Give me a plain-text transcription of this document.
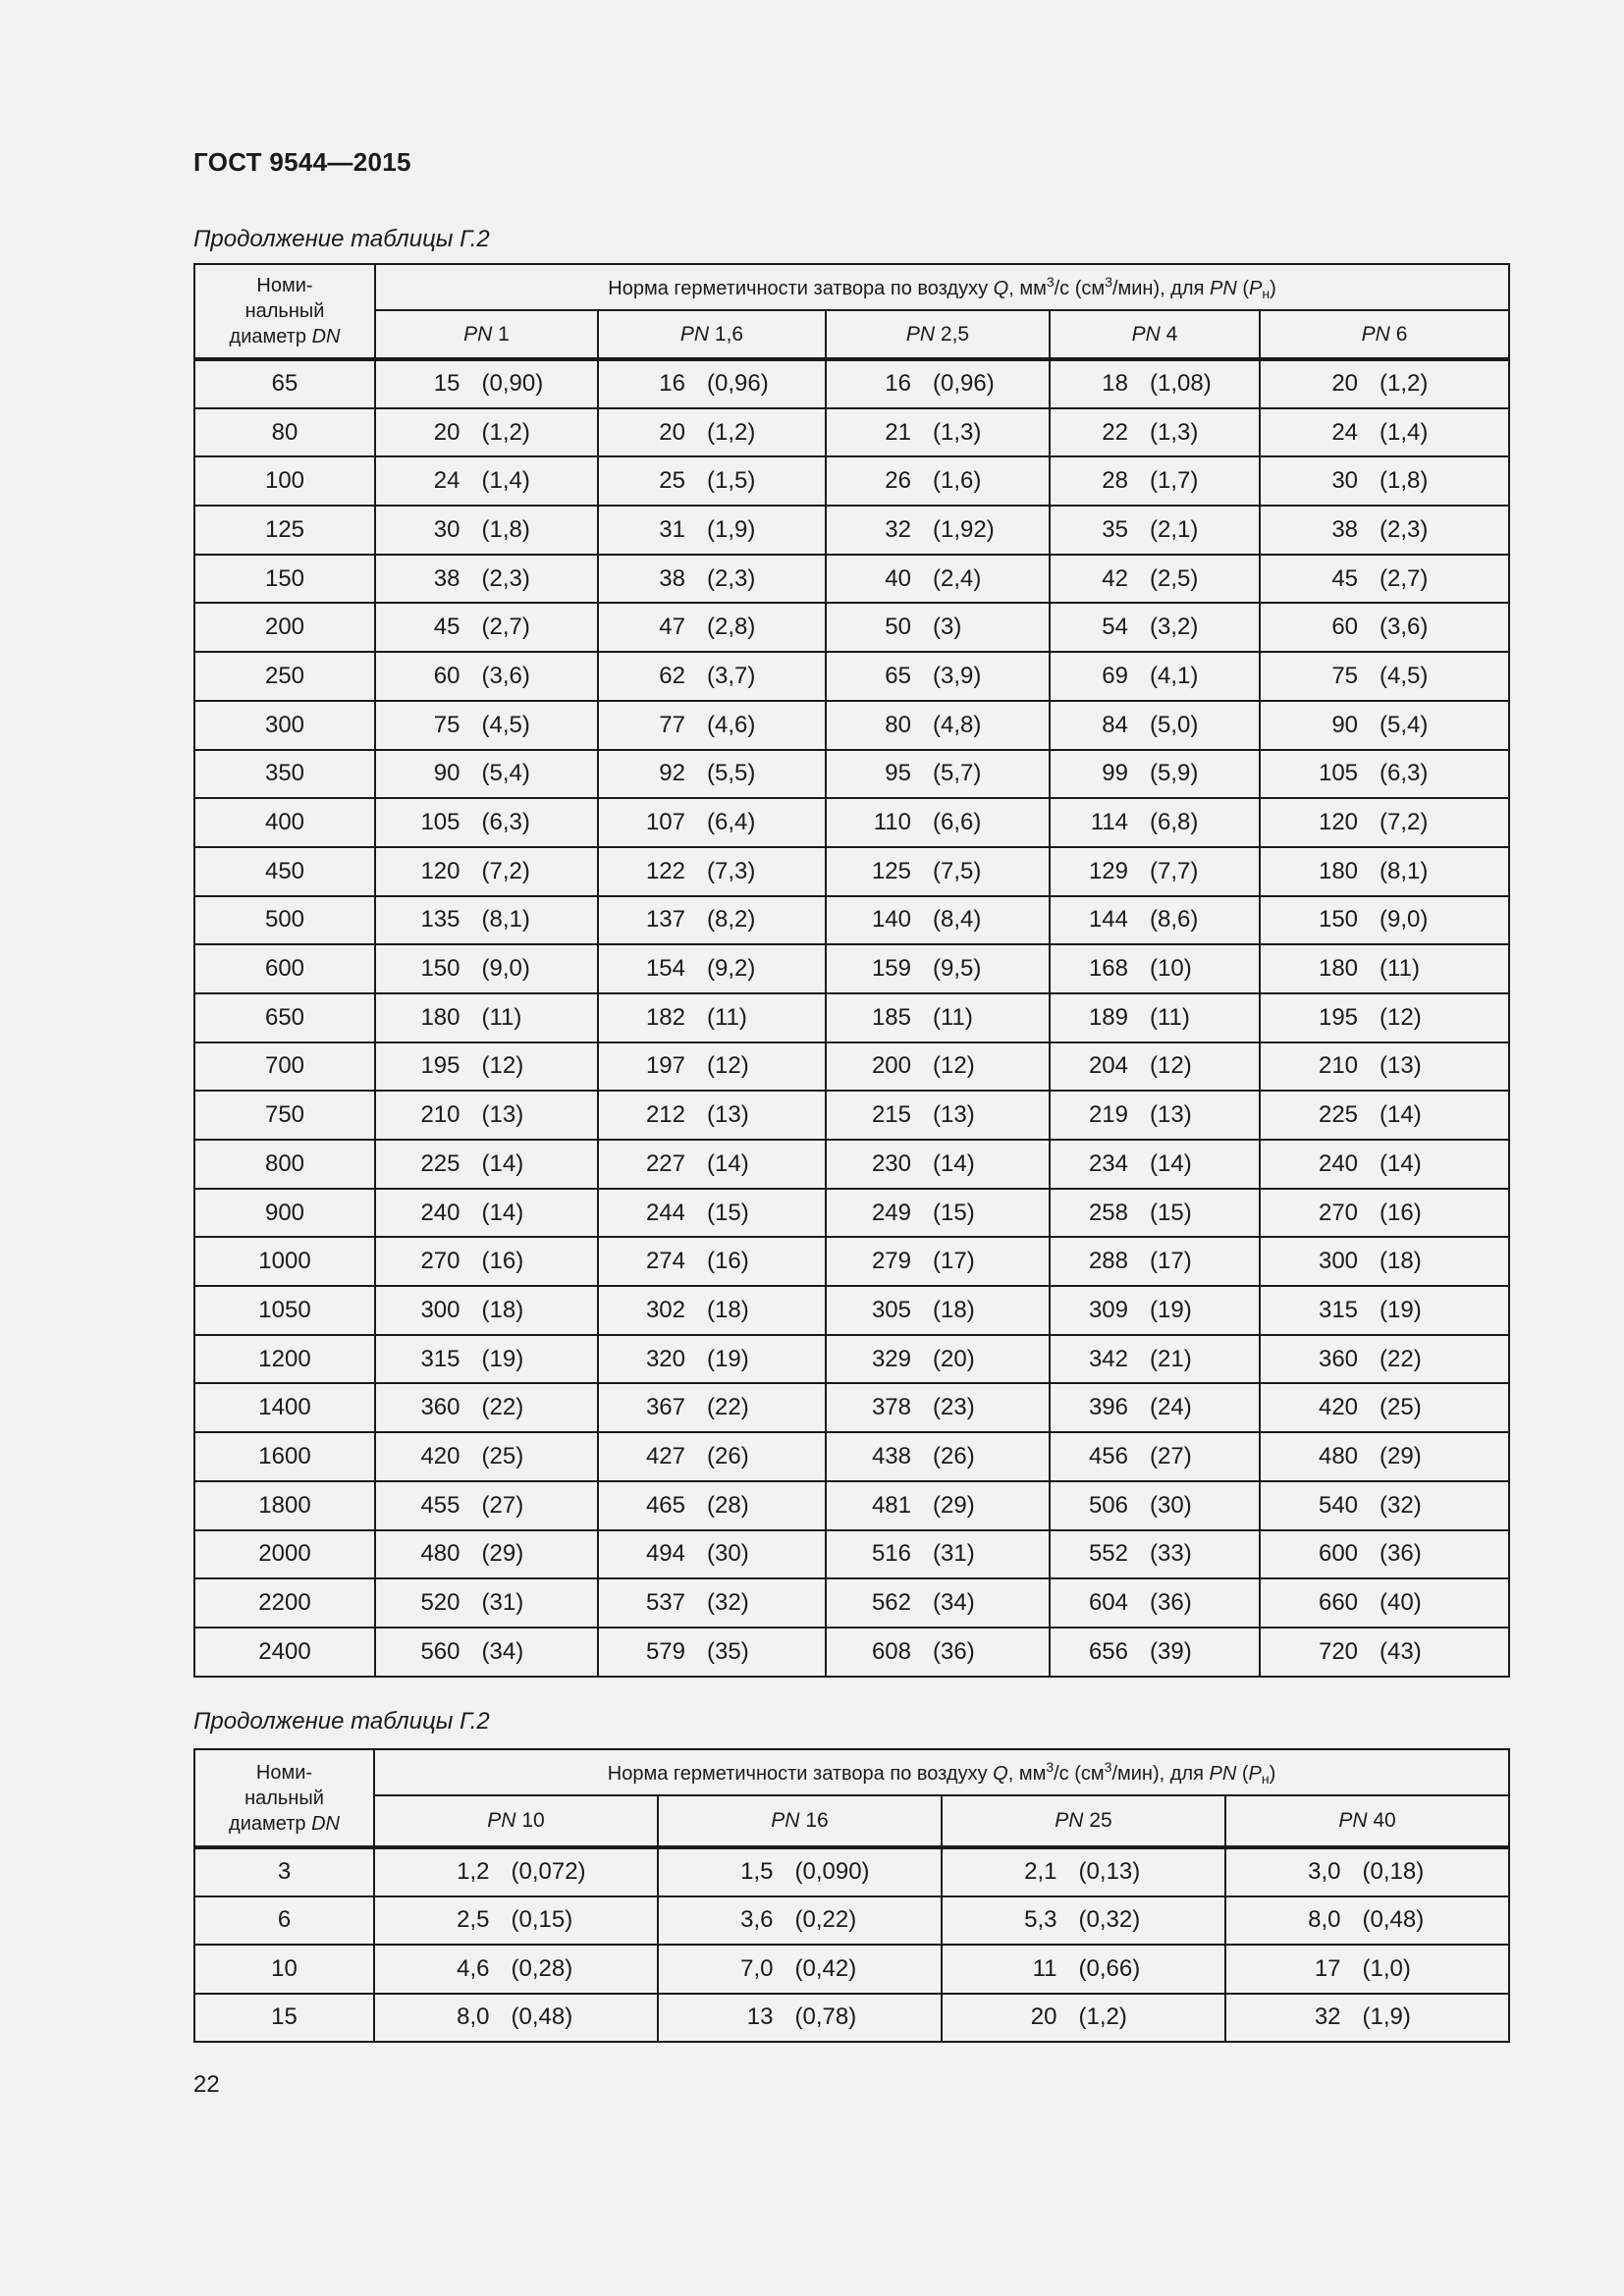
ГОСТ 9544—2015
Продолжение таблицы Г.2
Номи-
нальный
диаметр DN	Норма герметичности затвора по воздуху Q, $мм^3/с$ $(см^3/мин)$, для PN $(P_н)$				
	PN 1	PN 1,6	PN 2,5	PN 4	PN 6
65	15 (0,90)	16 (0,96)	16 (0,96)	18 (1,08)	20 (1,2)
80	20 (1,2)	20 (1,2)	21 (1,3)	22 (1,3)	24 (1,4)
100	24 (1,4)	25 (1,5)	26 (1,6)	28 (1,7)	30 (1,8)
125	30 (1,8)	31 (1,9)	32 (1,92)	35 (2,1)	38 (2,3)
150	38 (2,3)	38 (2,3)	40 (2,4)	42 (2,5)	45 (2,7)
200	45 (2,7)	47 (2,8)	50 (3)	54 (3,2)	60 (3,6)
250	60 (3,6)	62 (3,7)	65 (3,9)	69 (4,1)	75 (4,5)
300	75 (4,5)	77 (4,6)	80 (4,8)	84 (5,0)	90 (5,4)
350	90 (5,4)	92 (5,5)	95 (5,7)	99 (5,9)	105 (6,3)
400	105 (6,3)	107 (6,4)	110 (6,6)	114 (6,8)	120 (7,2)
450	120 (7,2)	122 (7,3)	125 (7,5)	129 (7,7)	180 (8,1)
500	135 (8,1)	137 (8,2)	140 (8,4)	144 (8,6)	150 (9,0)
600	150 (9,0)	154 (9,2)	159 (9,5)	168 (10)	180 (11)
650	180 (11)	182 (11)	185 (11)	189 (11)	195 (12)
700	195 (12)	197 (12)	200 (12)	204 (12)	210 (13)
750	210 (13)	212 (13)	215 (13)	219 (13)	225 (14)
800	225 (14)	227 (14)	230 (14)	234 (14)	240 (14)
900	240 (14)	244 (15)	249 (15)	258 (15)	270 (16)
1000	270 (16)	274 (16)	279 (17)	288 (17)	300 (18)
1050	300 (18)	302 (18)	305 (18)	309 (19)	315 (19)
1200	315 (19)	320 (19)	329 (20)	342 (21)	360 (22)
1400	360 (22)	367 (22)	378 (23)	396 (24)	420 (25)
1600	420 (25)	427 (26)	438 (26)	456 (27)	480 (29)
1800	455 (27)	465 (28)	481 (29)	506 (30)	540 (32)
2000	480 (29)	494 (30)	516 (31)	552 (33)	600 (36)
2200	520 (31)	537 (32)	562 (34)	604 (36)	660 (40)
2400	560 (34)	579 (35)	608 (36)	656 (39)	720 (43)
Продолжение таблицы Г.2
Номи-
нальный
диаметр DN	Норма герметичности затвора по воздуху Q, $мм^3/с$ $(см^3/мин)$, для PN $(P_н)$			
	PN 10	PN 16	PN 25	PN 40
3	1,2 (0,072)	1,5 (0,090)	2,1 (0,13)	3,0 (0,18)
6	2,5 (0,15)	3,6 (0,22)	5,3 (0,32)	8,0 (0,48)
10	4,6 (0,28)	7,0 (0,42)	11 (0,66)	17 (1,0)
15	8,0 (0,48)	13 (0,78)	20 (1,2)	32 (1,9)
22
